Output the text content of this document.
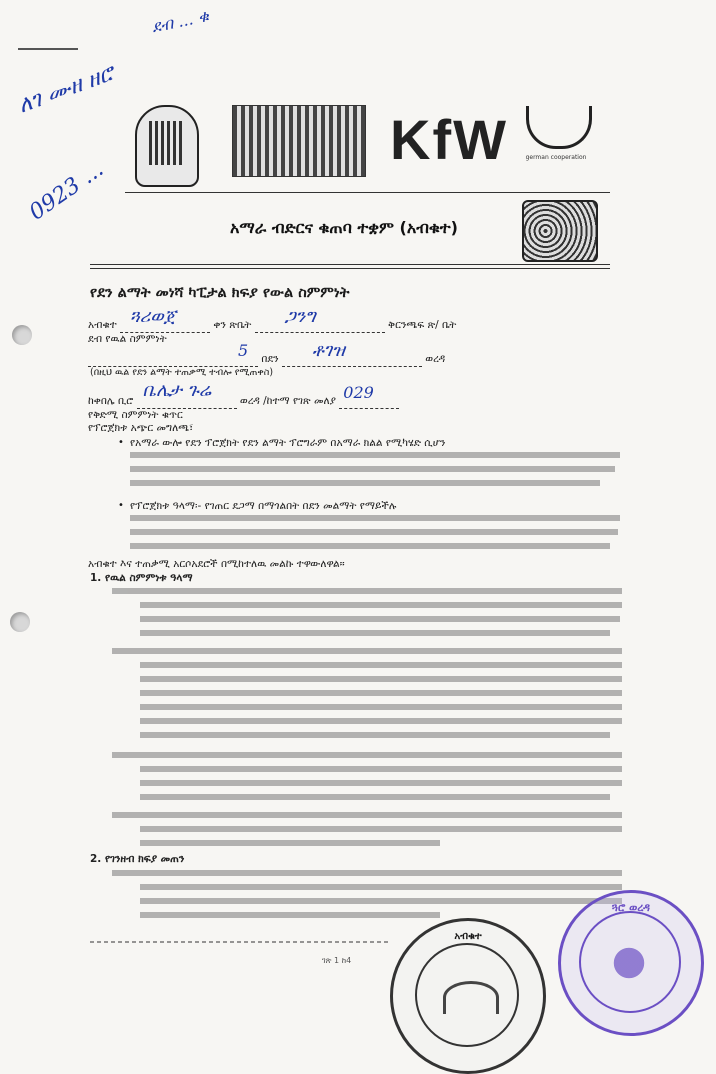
ለገ ሙዘ ዘሮ
0923 ...
ደብ ... ቁ
KfW	german cooperation
አማራ ብድርና ቁጠባ ተቋም (አብቁተ)
የደን ልማት መነሻ ካፒታል ክፍያ የውል ስምምነት
አብቁተ ጓሪወጀ	ቀን ጽቤት ጋንግ	ቅርንጫፍ ጽ/ ቤት
ደብ የዉል ስምምነት
5 በደን ቶገዝ	ወረዳ
(በዚህ ዉል የደን ልማት ተጠቃሚ ተብሎ የሚጠቀስ)
ከቀበሌ ቢሮ ቤሌታ ጉሬ	ወረዳ /ከተማ የገጽ መለያ 029

የቅድሚ ስምምነት ቁጥር
የፕሮጀክቱ አጭር መግለጫ፣
• የአማራ ውሎ የደን ፕሮጀክት የደን ልማት ፕሮግራም በአማራ ክልል የሚካሄድ ሲሆን
• የፕሮጀክቱ ዓላማ፡- የገጠር ደጋማ በማጎልበት በደን መልማት የማይችሉ
አብቁተ እና ተጠቃሚ አርሶአደሮች በሚከተለዉ መልኩ ተዋውለዋል።
1. የዉል ስምምነቱ ዓላማ
2. የገንዘብ ክፍያ መጠን
ገጽ 1 ከ4
አብቁተ
ጓሮ ወረዳ
